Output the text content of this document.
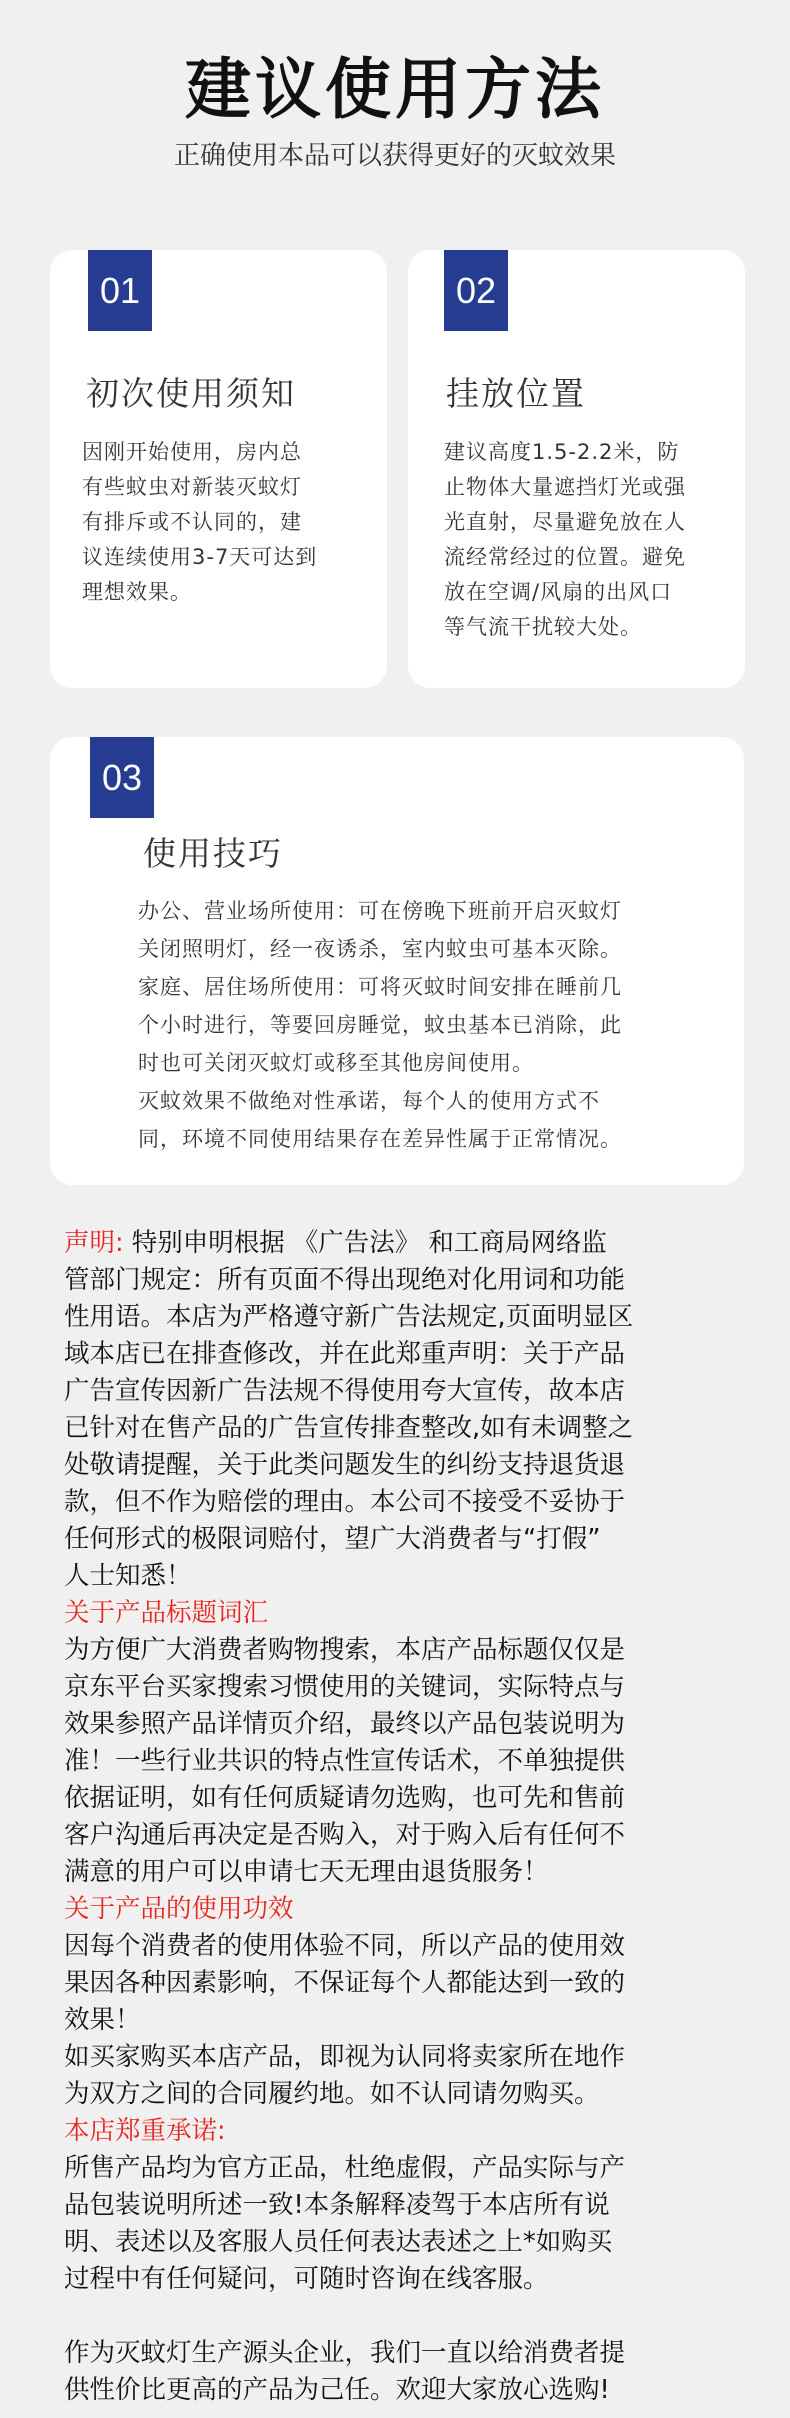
建议使用方法
正确使用本品可以获得更好的灭蚊效果
01
初次使用须知

因刚开始使用，房内总

有些蚊虫对新装灭蚊灯

有排斥或不认同的，建

议连续使用3-7天可达到

理想效果。

02
挂放位置

建议高度1.5-2.2米，防

止物体大量遮挡灯光或强

光直射，尽量避免放在人

流经常经过的位置。避免

放在空调/风扇的出风口

等气流干扰较大处。

03
使用技巧

办公、营业场所使用：可在傍晚下班前开启灭蚊灯

关闭照明灯，经一夜诱杀，室内蚊虫可基本灭除。

家庭、居住场所使用：可将灭蚊时间安排在睡前几

个小时进行，等要回房睡觉，蚊虫基本已消除，此

时也可关闭灭蚊灯或移至其他房间使用。

灭蚊效果不做绝对性承诺，每个人的使用方式不

同，环境不同使用结果存在差异性属于正常情况。

声明: 特别申明根据 《广告法》 和工商局网络监

管部门规定：所有页面不得出现绝对化用词和功能

性用语。本店为严格遵守新广告法规定,页面明显区

域本店已在排查修改，并在此郑重声明：关于产品

广告宣传因新广告法规不得使用夸大宣传，故本店

已针对在售产品的广告宣传排查整改,如有未调整之

处敬请提醒，关于此类问题发生的纠纷支持退货退

款，但不作为赔偿的理由。本公司不接受不妥协于

任何形式的极限词赔付，望广大消费者与“打假”

人士知悉！

关于产品标题词汇

为方便广大消费者购物搜索，本店产品标题仅仅是

京东平台买家搜索习惯使用的关键词，实际特点与

效果参照产品详情页介绍，最终以产品包装说明为

准！一些行业共识的特点性宣传话术，不单独提供

依据证明，如有任何质疑请勿选购，也可先和售前

客户沟通后再决定是否购入，对于购入后有任何不

满意的用户可以申请七天无理由退货服务！

关于产品的使用功效

因每个消费者的使用体验不同，所以产品的使用效

果因各种因素影响，不保证每个人都能达到一致的

效果！

如买家购买本店产品，即视为认同将卖家所在地作

为双方之间的合同履约地。如不认同请勿购买。

本店郑重承诺:

所售产品均为官方正品，杜绝虚假，产品实际与产

品包装说明所述一致!本条解释凌驾于本店所有说

明、表述以及客服人员任何表达表述之上*如购买

过程中有任何疑问，可随时咨询在线客服。

作为灭蚊灯生产源头企业，我们一直以给消费者提

供性价比更高的产品为己任。欢迎大家放心选购!
